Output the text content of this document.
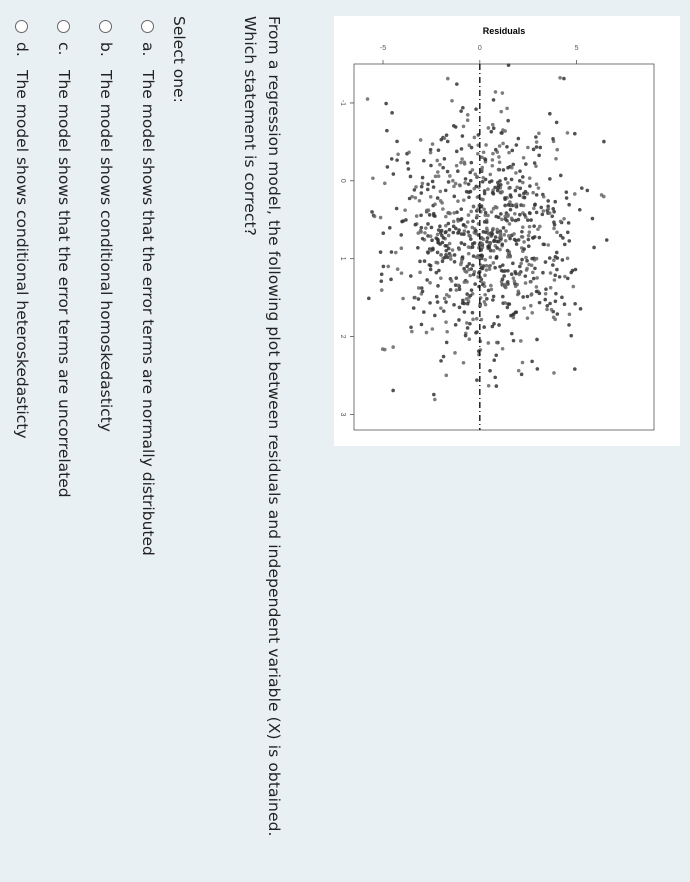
Residuals
-5	0	5
-1
0
1
2
3
From a regression model, the following plot between residuals and independent variable (X) is obtained.
Which statement is correct?
Select one:
a.
The model shows that the error terms are normally distributed
b.
The model shows conditional homoskedasticty
c.
The model shows that the error terms are uncorrelated
d.
The model shows conditional heteroskedasticty
